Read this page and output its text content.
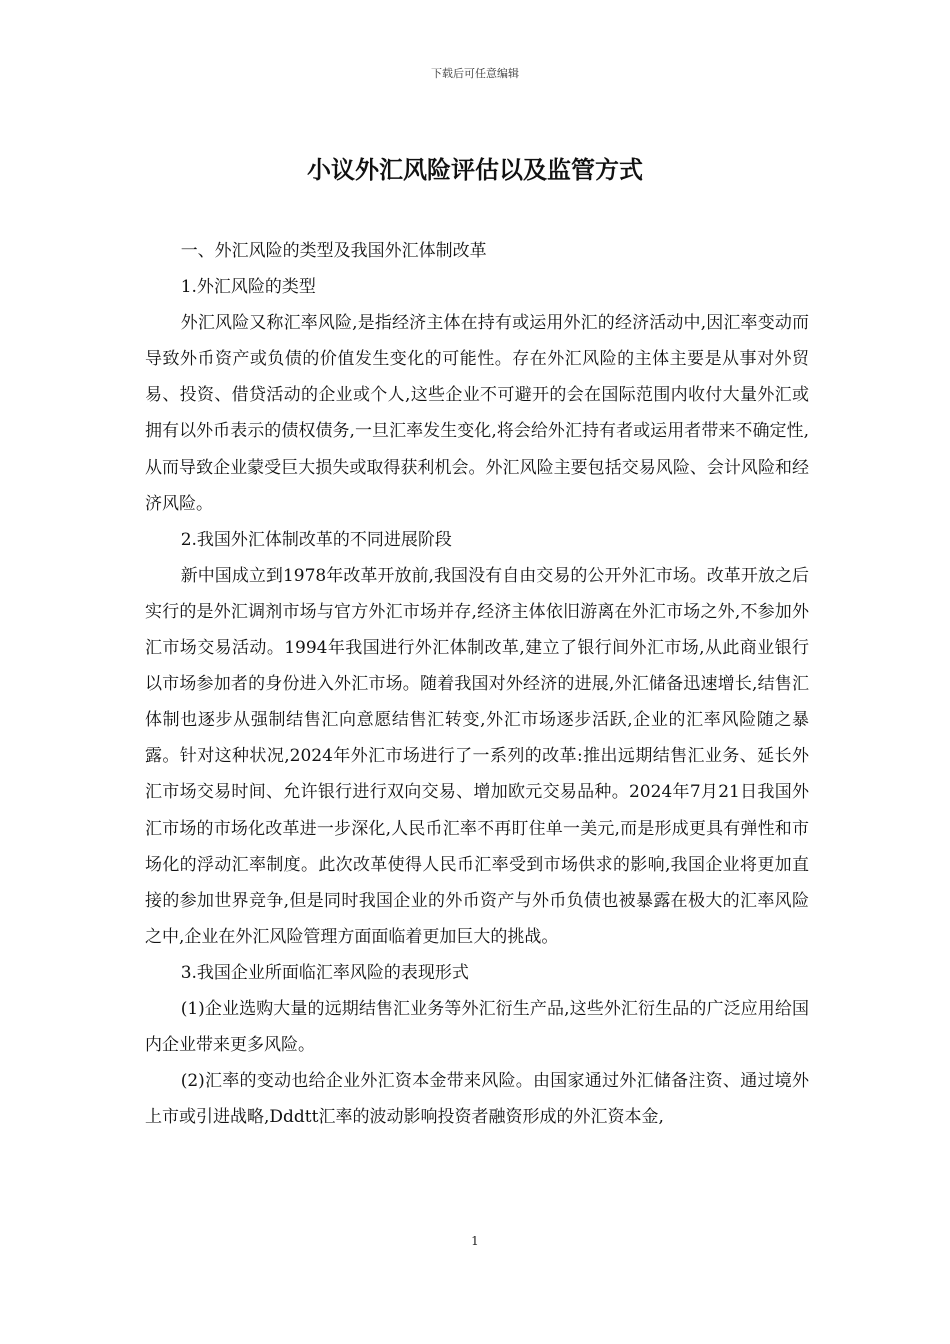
下载后可任意编辑
小议外汇风险评估以及监管方式

一、外汇风险的类型及我国外汇体制改革

1.外汇风险的类型

外汇风险又称汇率风险,是指经济主体在持有或运用外汇的经济活动中,因汇率变动而导致外币资产或负债的价值发生变化的可能性。存在外汇风险的主体主要是从事对外贸易、投资、借贷活动的企业或个人,这些企业不可避开的会在国际范围内收付大量外汇或拥有以外币表示的债权债务,一旦汇率发生变化,将会给外汇持有者或运用者带来不确定性,从而导致企业蒙受巨大损失或取得获利机会。外汇风险主要包括交易风险、会计风险和经济风险。

2.我国外汇体制改革的不同进展阶段

新中国成立到1978年改革开放前,我国没有自由交易的公开外汇市场。改革开放之后实行的是外汇调剂市场与官方外汇市场并存,经济主体依旧游离在外汇市场之外,不参加外汇市场交易活动。1994年我国进行外汇体制改革,建立了银行间外汇市场,从此商业银行以市场参加者的身份进入外汇市场。随着我国对外经济的进展,外汇储备迅速增长,结售汇体制也逐步从强制结售汇向意愿结售汇转变,外汇市场逐步活跃,企业的汇率风险随之暴露。针对这种状况,2024年外汇市场进行了一系列的改革:推出远期结售汇业务、延长外汇市场交易时间、允许银行进行双向交易、增加欧元交易品种。2024年7月21日我国外汇市场的市场化改革进一步深化,人民币汇率不再盯住单一美元,而是形成更具有弹性和市场化的浮动汇率制度。此次改革使得人民币汇率受到市场供求的影响,我国企业将更加直接的参加世界竞争,但是同时我国企业的外币资产与外币负债也被暴露在极大的汇率风险之中,企业在外汇风险管理方面面临着更加巨大的挑战。

3.我国企业所面临汇率风险的表现形式

(1)企业选购大量的远期结售汇业务等外汇衍生产品,这些外汇衍生品的广泛应用给国内企业带来更多风险。

(2)汇率的变动也给企业外汇资本金带来风险。由国家通过外汇储备注资、通过境外上市或引进战略,Dddtt汇率的波动影响投资者融资形成的外汇资本金,

1
